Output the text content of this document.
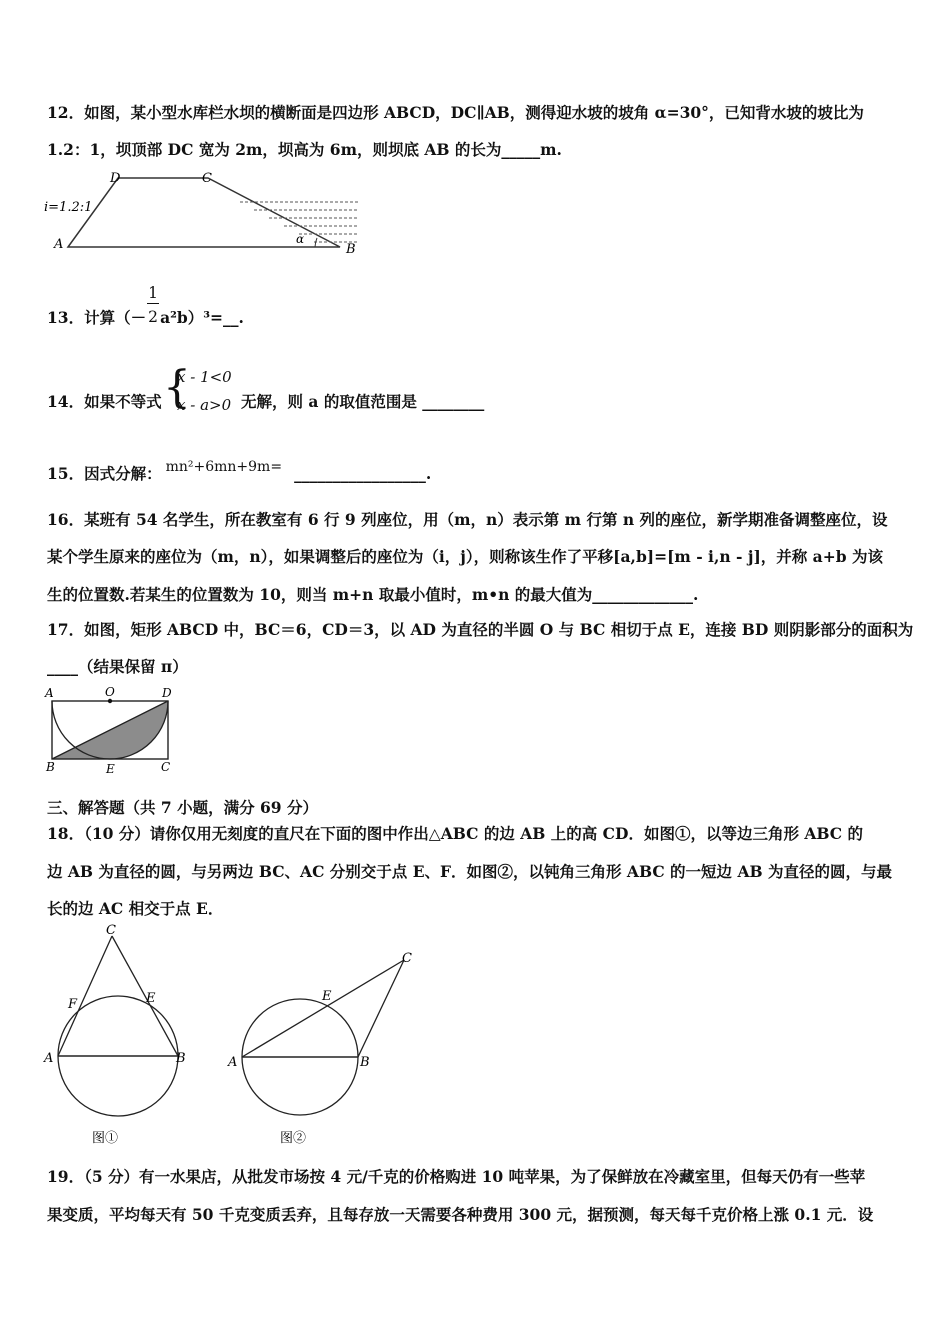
12．如图，某小型水库栏水坝的横断面是四边形 ABCD，DC∥AB，测得迎水坡的坡角 α=30°，已知背水坡的坡比为
1.2：1，坝顶部 DC 宽为 2m，坝高为 6m，则坝底 AB 的长为_____m.
i=1.2:1
D	C
A	B
α
13．计算（－ $\frac{1}{2}$ a²b）³=__.
14．如果不等式 {
x - 1<0
x - a>0 无解，则 a 的取值范围是 ________
15．因式分解： mn²+6mn+9m= _________________.
16．某班有 54 名学生，所在教室有 6 行 9 列座位，用（m，n）表示第 m 行第 n 列的座位，新学期准备调整座位，设
某个学生原来的座位为（m，n），如果调整后的座位为（i，j），则称该生作了平移[a,b]=[m - i,n - j]，并称 a+b 为该
生的位置数.若某生的位置数为 10，则当 m+n 取最小值时，m•n 的最大值为_____________.
17．如图，矩形 ABCD 中，BC＝6，CD＝3，以 AD 为直径的半圆 O 与 BC 相切于点 E，连接 BD 则阴影部分的面积为
____（结果保留 π）
A	O	D
B	E	C
三、解答题（共 7 小题，满分 69 分）
18．（10 分）请你仅用无刻度的直尺在下面的图中作出△ABC 的边 AB 上的高 CD．如图①，以等边三角形 ABC 的
边 AB 为直径的圆，与另两边 BC、AC 分别交于点 E、F．如图②，以钝角三角形 ABC 的一短边 AB 为直径的圆，与最
长的边 AC 相交于点 E．
C
F	E
A	B
图①
C
E
A	B
图②
19．（5 分）有一水果店，从批发市场按 4 元/千克的价格购进 10 吨苹果，为了保鲜放在冷藏室里，但每天仍有一些苹
果变质，平均每天有 50 千克变质丢弃，且每存放一天需要各种费用 300 元，据预测，每天每千克价格上涨 0.1 元．设
